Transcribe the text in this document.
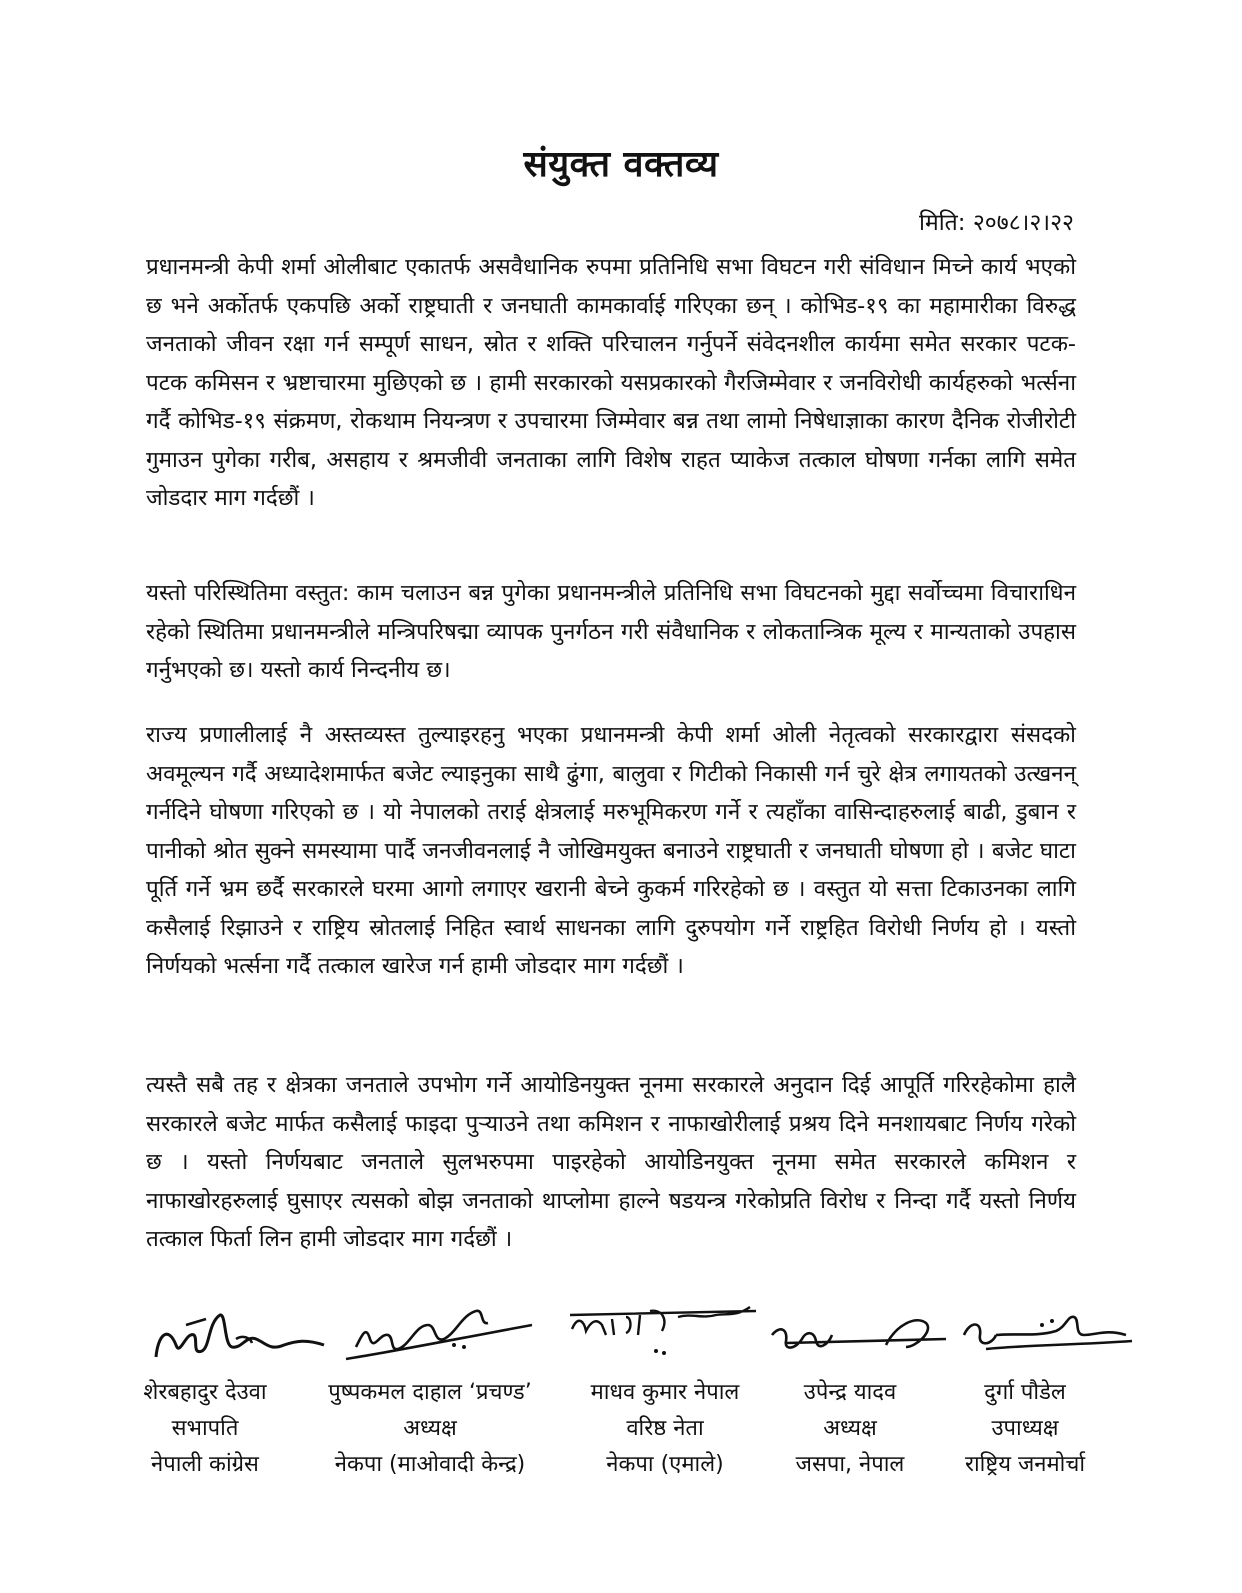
संयुक्त वक्तव्य
मिति: २०७८।२।२२

प्रधानमन्त्री केपी शर्मा ओलीबाट एकातर्फ असवैधानिक रुपमा प्रतिनिधि सभा विघटन गरी संविधान मिच्ने कार्य भएको छ भने अर्कोतर्फ एकपछि अर्को राष्ट्रघाती र जनघाती कामकार्वाई गरिएका छन् । कोभिड-१९ का महामारीका विरुद्ध जनताको जीवन रक्षा गर्न सम्पूर्ण साधन, स्रोत र शक्ति परिचालन गर्नुपर्ने संवेदनशील कार्यमा समेत सरकार पटक-पटक कमिसन र भ्रष्टाचारमा मुछिएको छ । हामी सरकारको यसप्रकारको गैरजिम्मेवार र जनविरोधी कार्यहरुको भर्त्सना गर्दै कोभिड-१९ संक्रमण, रोकथाम नियन्त्रण र उपचारमा जिम्मेवार बन्न तथा लामो निषेधाज्ञाका कारण दैनिक रोजीरोटी गुमाउन पुगेका गरीब, असहाय र श्रमजीवी जनताका लागि विशेष राहत प्याकेज तत्काल घोषणा गर्नका लागि समेत जोडदार माग गर्दछौं ।

यस्तो परिस्थितिमा वस्तुत: काम चलाउन बन्न पुगेका प्रधानमन्त्रीले प्रतिनिधि सभा विघटनको मुद्दा सर्वोच्चमा विचाराधिन रहेको स्थितिमा प्रधानमन्त्रीले मन्त्रिपरिषद्मा व्यापक पुनर्गठन गरी संवैधानिक र लोकतान्त्रिक मूल्य र मान्यताको उपहास गर्नुभएको छ। यस्तो कार्य निन्दनीय छ।

राज्य प्रणालीलाई नै अस्तव्यस्त तुल्याइरहनु भएका प्रधानमन्त्री केपी शर्मा ओली नेतृत्वको सरकारद्वारा संसदको अवमूल्यन गर्दै अध्यादेशमार्फत बजेट ल्याइनुका साथै ढुंगा, बालुवा र गिटीको निकासी गर्न चुरे क्षेत्र लगायतको उत्खनन् गर्नदिने घोषणा गरिएको छ । यो नेपालको तराई क्षेत्रलाई मरुभूमिकरण गर्ने र त्यहाँका वासिन्दाहरुलाई बाढी, डुबान र पानीको श्रोत सुक्ने समस्यामा पार्दै जनजीवनलाई नै जोखिमयुक्त बनाउने राष्ट्रघाती र जनघाती घोषणा हो । बजेट घाटा पूर्ति गर्ने भ्रम छर्दै सरकारले घरमा आगो लगाएर खरानी बेच्ने कुकर्म गरिरहेको छ । वस्तुत यो सत्ता टिकाउनका लागि कसैलाई रिझाउने र राष्ट्रिय स्रोतलाई निहित स्वार्थ साधनका लागि दुरुपयोग गर्ने राष्ट्रहित विरोधी निर्णय हो । यस्तो निर्णयको भर्त्सना गर्दै तत्काल खारेज गर्न हामी जोडदार माग गर्दछौं ।

त्यस्तै सबै तह र क्षेत्रका जनताले उपभोग गर्ने आयोडिनयुक्त नूनमा सरकारले अनुदान दिई आपूर्ति गरिरहेकोमा हालै सरकारले बजेट मार्फत कसैलाई फाइदा पुर्‍याउने तथा कमिशन र नाफाखोरीलाई प्रश्रय दिने मनशायबाट निर्णय गरेको छ । यस्तो निर्णयबाट जनताले सुलभरुपमा पाइरहेको आयोडिनयुक्त नूनमा समेत सरकारले कमिशन र नाफाखोरहरुलाई घुसाएर त्यसको बोझ जनताको थाप्लोमा हाल्ने षडयन्त्र गरेकोप्रति विरोध र निन्दा गर्दै यस्तो निर्णय तत्काल फिर्ता लिन हामी जोडदार माग गर्दछौं ।

शेरबहादुर देउवा
सभापति
नेपाली कांग्रेस
पुष्पकमल दाहाल ‘प्रचण्ड’
अध्यक्ष
नेकपा (माओवादी केन्द्र)
माधव कुमार नेपाल
वरिष्ठ नेता
नेकपा (एमाले)
उपेन्द्र यादव
अध्यक्ष
जसपा, नेपाल
दुर्गा पौडेल
उपाध्यक्ष
राष्ट्रिय जनमोर्चा
